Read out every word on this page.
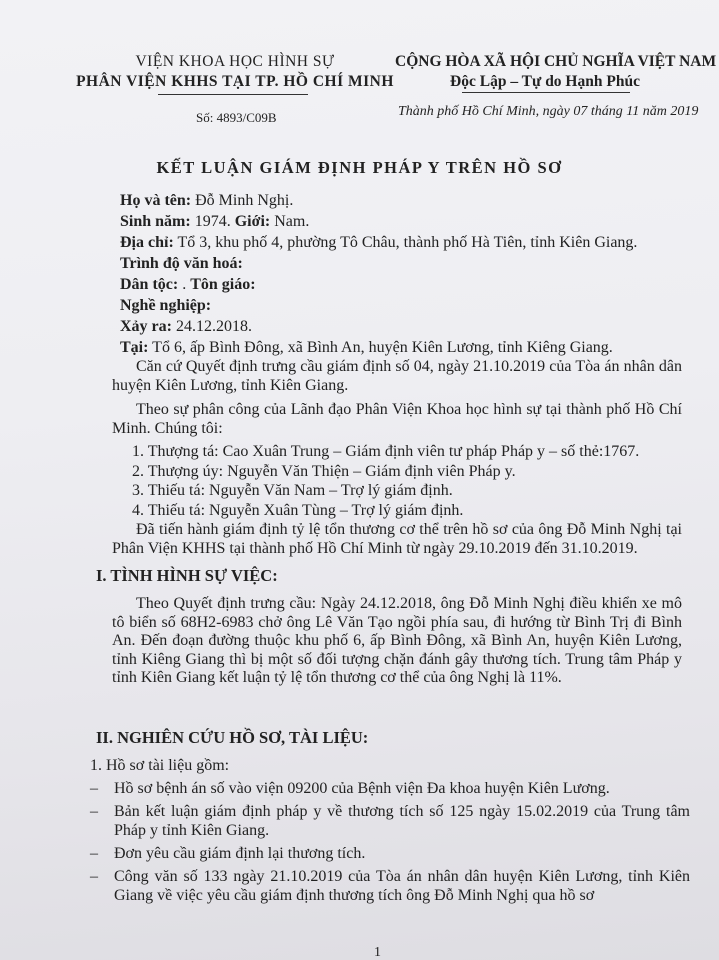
VIỆN KHOA HỌC HÌNH SỰ
PHÂN VIỆN KHHS TẠI TP. HỒ CHÍ MINH
CỘNG HÒA XÃ HỘI CHỦ NGHĨA VIỆT NAM
Độc Lập – Tự do Hạnh Phúc
Số: 4893/C09B	Thành phố Hồ Chí Minh, ngày 07 tháng 11 năm 2019
KẾT LUẬN GIÁM ĐỊNH PHÁP Y TRÊN HỒ SƠ
Họ và tên: Đỗ Minh Nghị.
Sinh năm: 1974. Giới: Nam.
Địa chỉ: Tổ 3, khu phố 4, phường Tô Châu, thành phố Hà Tiên, tỉnh Kiên Giang.
Trình độ văn hoá:
Dân tộc: . Tôn giáo:
Nghề nghiệp:
Xảy ra: 24.12.2018.
Tại: Tổ 6, ấp Bình Đông, xã Bình An, huyện Kiên Lương, tỉnh Kiêng Giang.
Căn cứ Quyết định trưng cầu giám định số 04, ngày 21.10.2019 của Tòa án nhân dân huyện Kiên Lương, tỉnh Kiên Giang.
Theo sự phân công của Lãnh đạo Phân Viện Khoa học hình sự tại thành phố Hồ Chí Minh. Chúng tôi:
1. Thượng tá: Cao Xuân Trung – Giám định viên tư pháp Pháp y – số thẻ:1767.
2. Thượng úy: Nguyễn Văn Thiện – Giám định viên Pháp y.
3. Thiếu tá: Nguyễn Văn Nam – Trợ lý giám định.
4. Thiếu tá: Nguyễn Xuân Tùng – Trợ lý giám định.
Đã tiến hành giám định tỷ lệ tổn thương cơ thể trên hồ sơ của ông Đỗ Minh Nghị tại Phân Viện KHHS tại thành phố Hồ Chí Minh từ ngày 29.10.2019 đến 31.10.2019.
I. TÌNH HÌNH SỰ VIỆC:
Theo Quyết định trưng cầu: Ngày 24.12.2018, ông Đỗ Minh Nghị điều khiển xe mô tô biển số 68H2-6983 chở ông Lê Văn Tạo ngồi phía sau, đi hướng từ Bình Trị đi Bình An. Đến đoạn đường thuộc khu phố 6, ấp Bình Đông, xã Bình An, huyện Kiên Lương, tỉnh Kiêng Giang thì bị một số đối tượng chặn đánh gây thương tích. Trung tâm Pháp y tỉnh Kiên Giang kết luận tỷ lệ tổn thương cơ thể của ông Nghị là 11%.
II. NGHIÊN CỨU HỒ SƠ, TÀI LIỆU:
1. Hồ sơ tài liệu gồm:
–	Hồ sơ bệnh án số vào viện 09200 của Bệnh viện Đa khoa huyện Kiên Lương.
–	Bản kết luận giám định pháp y về thương tích số 125 ngày 15.02.2019 của Trung tâm Pháp y tỉnh Kiên Giang.
–	Đơn yêu cầu giám định lại thương tích.
–	Công văn số 133 ngày 21.10.2019 của Tòa án nhân dân huyện Kiên Lương, tỉnh Kiên Giang về việc yêu cầu giám định thương tích ông Đỗ Minh Nghị qua hồ sơ
1
